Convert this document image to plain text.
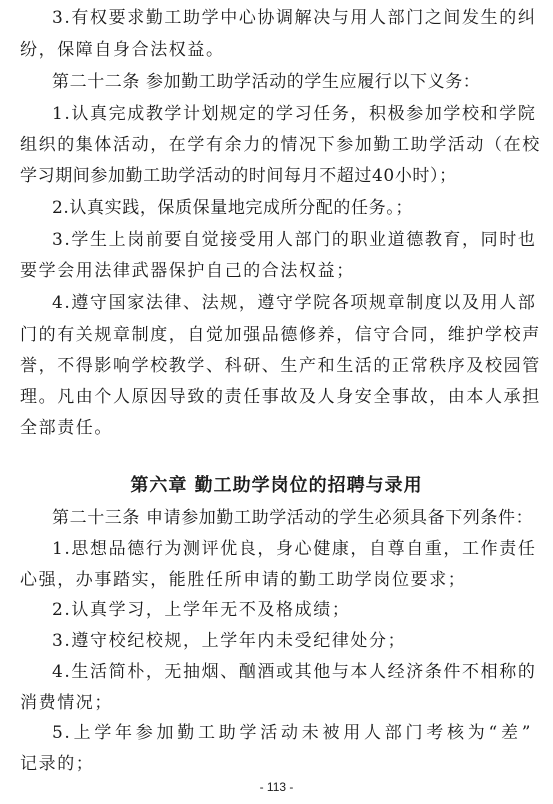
3.有权要求勤工助学中心协调解决与用人部门之间发生的纠
纷，保障自身合法权益。
第二十二条 参加勤工助学活动的学生应履行以下义务：
1.认真完成教学计划规定的学习任务，积极参加学校和学院
组织的集体活动，在学有余力的情况下参加勤工助学活动（在校
学习期间参加勤工助学活动的时间每月不超过40小时）；
2.认真实践，保质保量地完成所分配的任务。；
3.学生上岗前要自觉接受用人部门的职业道德教育，同时也
要学会用法律武器保护自己的合法权益；
4.遵守国家法律、法规，遵守学院各项规章制度以及用人部
门的有关规章制度，自觉加强品德修养，信守合同，维护学校声
誉，不得影响学校教学、科研、生产和生活的正常秩序及校园管
理。凡由个人原因导致的责任事故及人身安全事故，由本人承担
全部责任。
第六章 勤工助学岗位的招聘与录用
第二十三条 申请参加勤工助学活动的学生必须具备下列条件：
1.思想品德行为测评优良，身心健康，自尊自重，工作责任
心强，办事踏实，能胜任所申请的勤工助学岗位要求；
2.认真学习，上学年无不及格成绩；
3.遵守校纪校规，上学年内未受纪律处分；
4.生活简朴，无抽烟、酗酒或其他与本人经济条件不相称的
消费情况；
5.上学年参加勤工助学活动未被用人部门考核为“差”
记录的；
- 113 -
